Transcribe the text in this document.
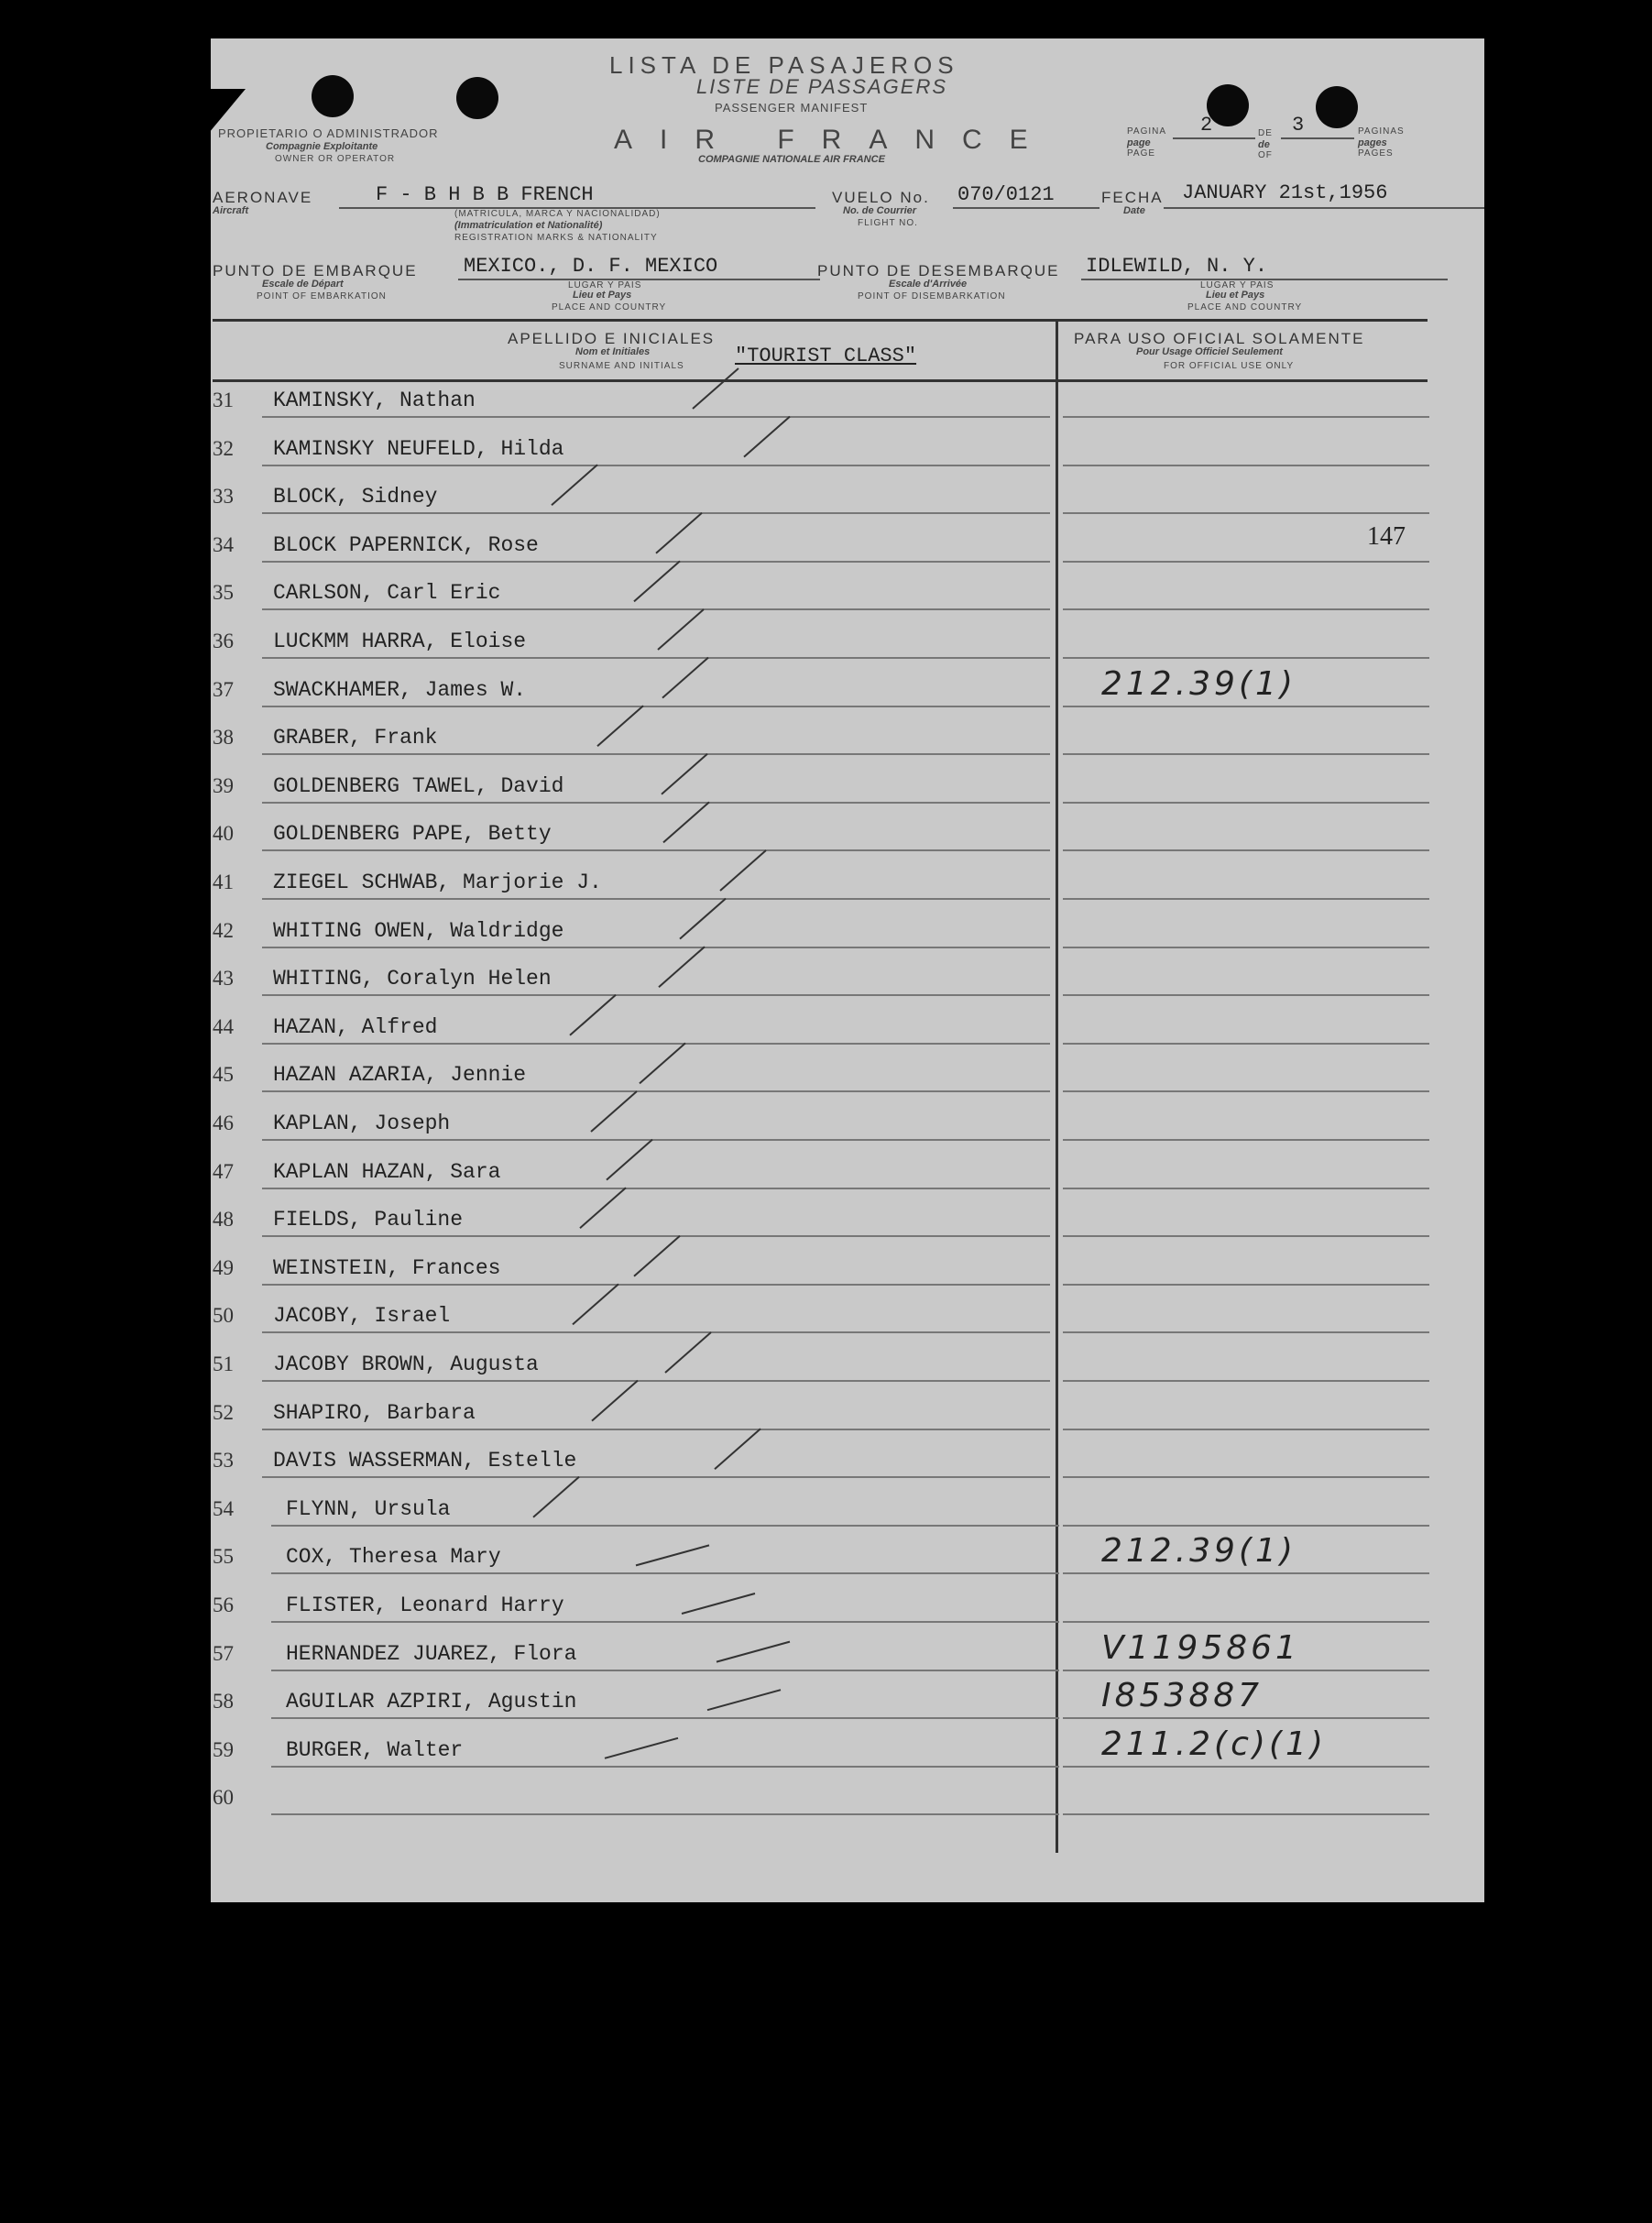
LISTA DE PASAJEROS
LISTE DE PASSAGERS
PASSENGER MANIFEST
AIR FRANCE
COMPAGNIE NATIONALE AIR FRANCE
PROPIETARIO O ADMINISTRADOR
Compagnie Exploitante
OWNER OR OPERATOR
PAGINA
page
PAGE
2	DE
de
OF
3	PAGINAS
pages
PAGES
AERONAVE
Aircraft
F - B H B B FRENCH
(MATRICULA, MARCA Y NACIONALIDAD)
(Immatriculation et Nationalité)
REGISTRATION MARKS & NATIONALITY
VUELO No. 070/0121
No. de Courrier
FLIGHT NO.
FECHA
Date
JANUARY 21st,1956
PUNTO DE EMBARQUE
Escale de Départ
POINT OF EMBARKATION
MEXICO., D. F. MEXICO
LUGAR Y PAIS
Lieu et Pays
PLACE AND COUNTRY
PUNTO DE DESEMBARQUE
Escale d'Arrivée
POINT OF DISEMBARKATION
IDLEWILD, N. Y.
LUGAR Y PAIS
Lieu et Pays
PLACE AND COUNTRY
APELLIDO E INICIALES
Nom et Initiales
SURNAME AND INITIALS	"TOURIST CLASS"
PARA USO OFICIAL SOLAMENTE
Pour Usage Officiel Seulement
FOR OFFICIAL USE ONLY
31	KAMINSKY, Nathan
32	KAMINSKY NEUFELD, Hilda
33	BLOCK, Sidney
34	BLOCK PAPERNICK, Rose	147
35	CARLSON, Carl Eric
36	LUCKMM HARRA, Eloise
37	SWACKHAMER, James W.	212.39(1)
38	GRABER, Frank
39	GOLDENBERG TAWEL, David
40	GOLDENBERG PAPE, Betty
41	ZIEGEL SCHWAB, Marjorie J.
42	WHITING OWEN, Waldridge
43	WHITING, Coralyn Helen
44	HAZAN, Alfred
45	HAZAN AZARIA, Jennie
46	KAPLAN, Joseph
47	KAPLAN HAZAN, Sara
48	FIELDS, Pauline
49	WEINSTEIN, Frances
50	JACOBY, Israel
51	JACOBY BROWN, Augusta
52	SHAPIRO, Barbara
53	DAVIS WASSERMAN, Estelle
54	FLYNN, Ursula
55	COX, Theresa Mary	212.39(1)
56	FLISTER, Leonard Harry
57	HERNANDEZ JUAREZ, Flora	V1195861
58	AGUILAR AZPIRI, Agustin	I853887
59	BURGER, Walter	211.2(c)(1)
60
